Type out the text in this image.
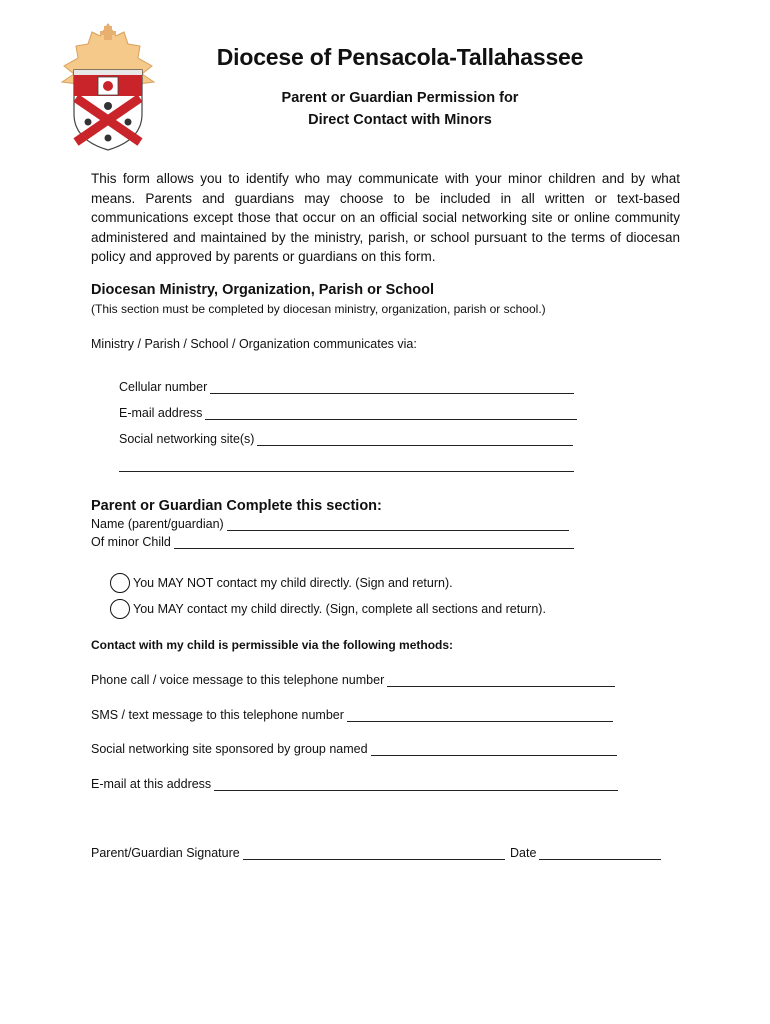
Diocese of Pensacola-Tallahassee
Parent or Guardian Permission for
Direct Contact with Minors
This form allows you to identify who may communicate with your minor children and by what means. Parents and guardians may choose to be included in all written or text-based communications except those that occur on an official social networking site or online community administered and maintained by the ministry, parish, or school pursuant to the terms of diocesan policy and approved by parents or guardians on this form.
Diocesan Ministry, Organization, Parish or School
(This section must be completed by diocesan ministry, organization, parish or school.)
Ministry / Parish / School / Organization communicates via:
Cellular number
E-mail address
Social networking site(s)
Parent or Guardian Complete this section:
Name (parent/guardian)
Of minor Child
You MAY NOT contact my child directly. (Sign and return).
You MAY contact my child directly. (Sign, complete all sections and return).
Contact with my child is permissible via the following methods:
Phone call / voice message to this telephone number
SMS / text message to this telephone number
Social networking site sponsored by group named
E-mail at this address
Parent/Guardian Signature	Date
